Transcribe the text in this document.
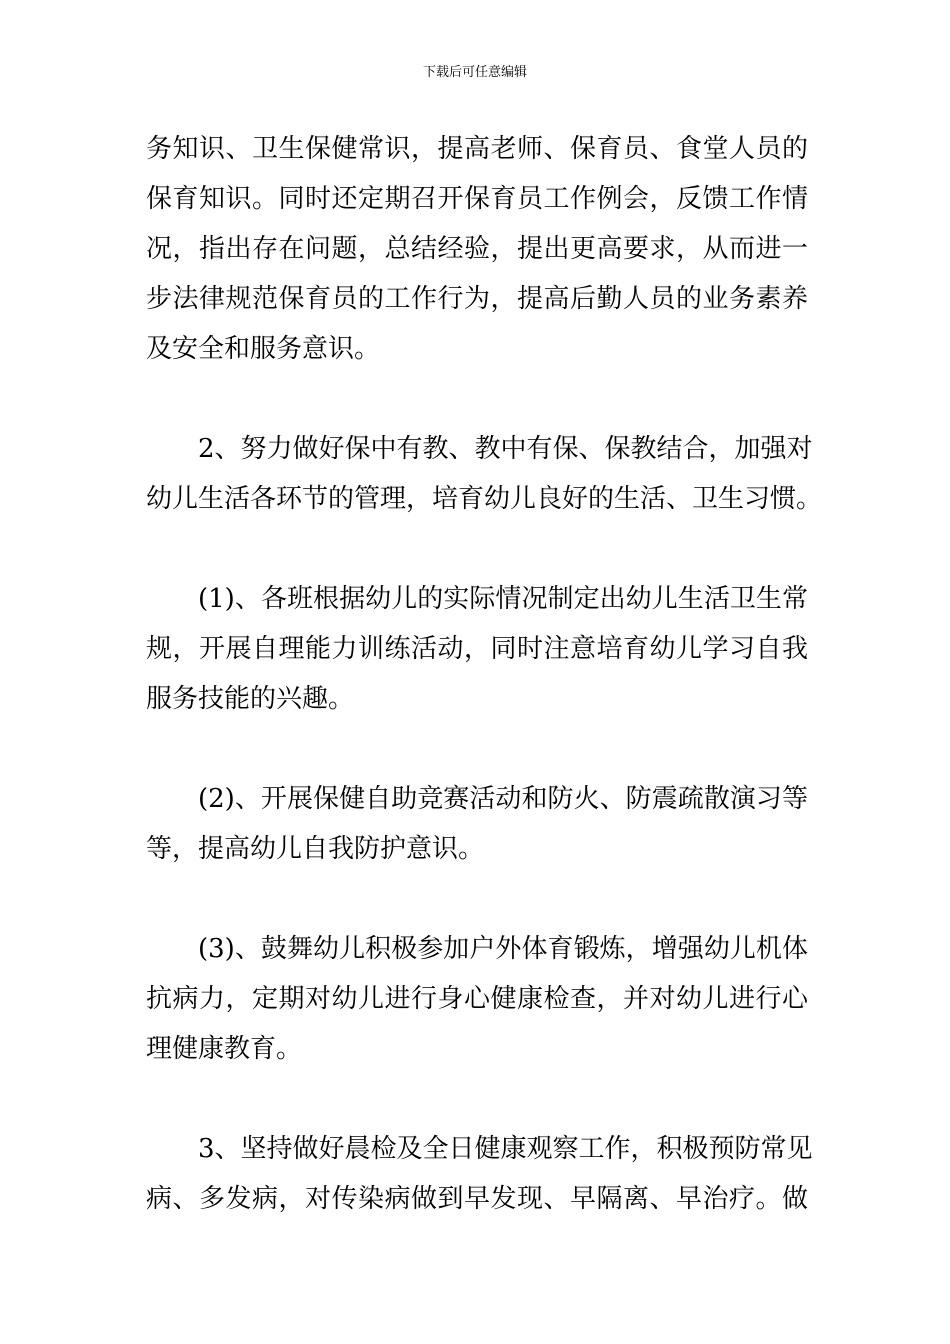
下载后可任意编辑
务知识、卫生保健常识，提高老师、保育员、食堂人员的
保育知识。同时还定期召开保育员工作例会，反馈工作情
况，指出存在问题，总结经验，提出更高要求，从而进一
步法律规范保育员的工作行为，提高后勤人员的业务素养
及安全和服务意识。
2、努力做好保中有教、教中有保、保教结合，加强对
幼儿生活各环节的管理，培育幼儿良好的生活、卫生习惯。
(1)、各班根据幼儿的实际情况制定出幼儿生活卫生常
规，开展自理能力训练活动，同时注意培育幼儿学习自我
服务技能的兴趣。
(2)、开展保健自助竞赛活动和防火、防震疏散演习等
等，提高幼儿自我防护意识。
(3)、鼓舞幼儿积极参加户外体育锻炼，增强幼儿机体
抗病力，定期对幼儿进行身心健康检查，并对幼儿进行心
理健康教育。
3、坚持做好晨检及全日健康观察工作，积极预防常见
病、多发病，对传染病做到早发现、早隔离、早治疗。做
